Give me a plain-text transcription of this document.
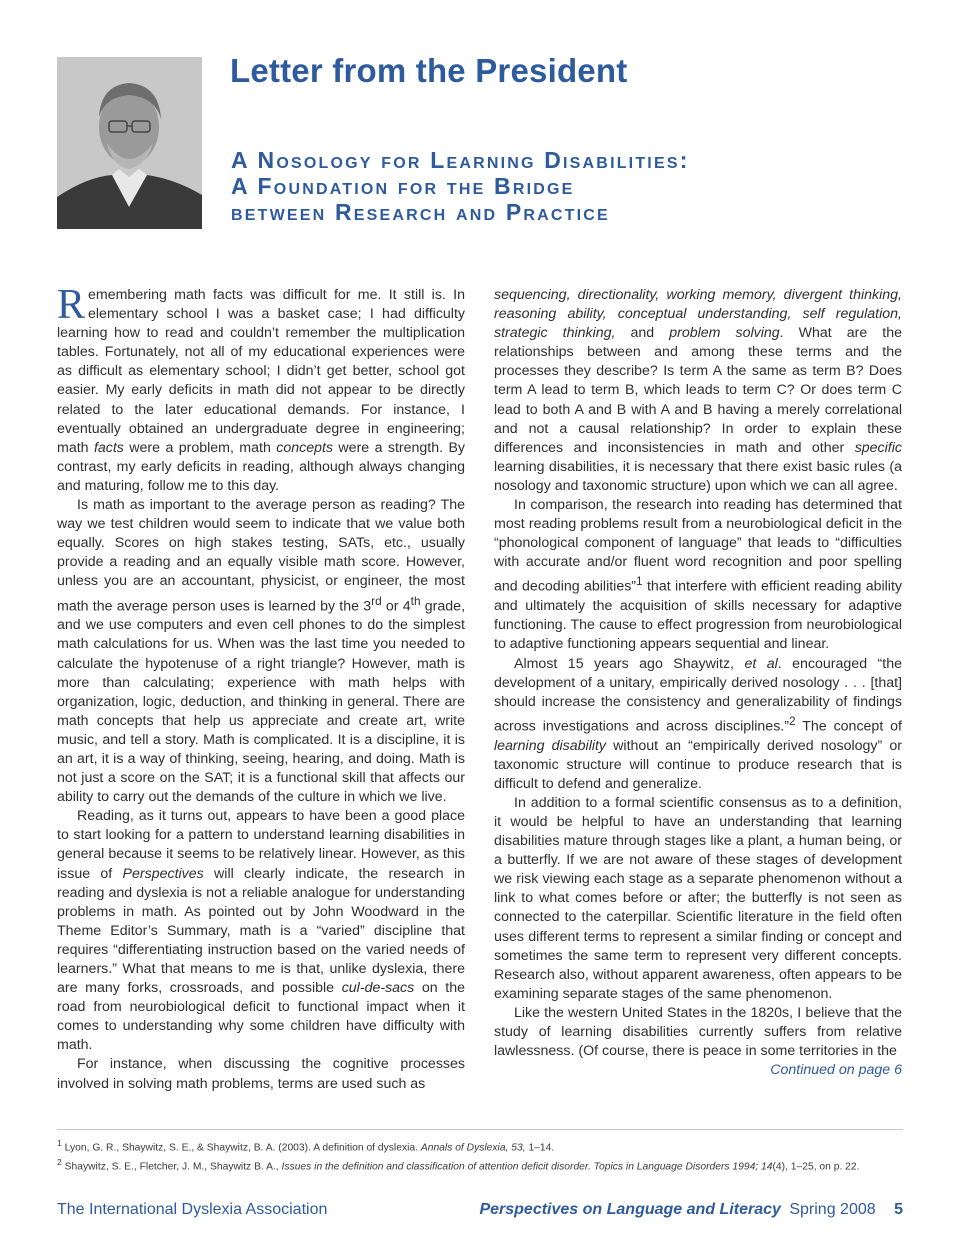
Letter from the President
A Nosology for Learning Disabilities:
A Foundation for the Bridge
between Research and Practice

Remembering math facts was difficult for me. It still is. In elementary school I was a basket case; I had difficulty learning how to read and couldn’t remember the multiplication tables. Fortunately, not all of my educational experiences were as difficult as elementary school; I didn’t get better, school got easier. My early deficits in math did not appear to be directly related to the later educational demands. For instance, I eventually obtained an undergraduate degree in engineering; math facts were a problem, math concepts were a strength. By contrast, my early deficits in reading, although always changing and maturing, follow me to this day.

Is math as important to the average person as reading? The way we test children would seem to indicate that we value both equally. Scores on high stakes testing, SATs, etc., usually provide a reading and an equally visible math score. However, unless you are an accountant, physicist, or engineer, the most math the average person uses is learned by the 3rd or 4th grade, and we use computers and even cell phones to do the simplest math calculations for us. When was the last time you needed to calculate the hypotenuse of a right triangle? However, math is more than calculating; experience with math helps with organization, logic, deduction, and thinking in general. There are math concepts that help us appreciate and create art, write music, and tell a story. Math is complicated. It is a discipline, it is an art, it is a way of thinking, seeing, hearing, and doing. Math is not just a score on the SAT; it is a functional skill that affects our ability to carry out the demands of the culture in which we live.

Reading, as it turns out, appears to have been a good place to start looking for a pattern to understand learning disabilities in general because it seems to be relatively linear. However, as this issue of Perspectives will clearly indicate, the research in reading and dyslexia is not a reliable analogue for understanding problems in math. As pointed out by John Woodward in the Theme Editor’s Summary, math is a “varied” discipline that requires “differentiating instruction based on the varied needs of learners.” What that means to me is that, unlike dyslexia, there are many forks, crossroads, and possible cul-de-sacs on the road from neurobiological deficit to functional impact when it comes to understanding why some children have difficulty with math.

For instance, when discussing the cognitive processes involved in solving math problems, terms are used such as

sequencing, directionality, working memory, divergent thinking, reasoning ability, conceptual understanding, self regulation, strategic thinking, and problem solving. What are the relationships between and among these terms and the processes they describe? Is term A the same as term B? Does term A lead to term B, which leads to term C? Or does term C lead to both A and B with A and B having a merely correlational and not a causal relationship? In order to explain these differences and inconsistencies in math and other specific learning disabilities, it is necessary that there exist basic rules (a nosology and taxonomic structure) upon which we can all agree.

In comparison, the research into reading has determined that most reading problems result from a neurobiological deficit in the “phonological component of language” that leads to “difficulties with accurate and/or fluent word recognition and poor spelling and decoding abilities”$^1$ that interfere with efficient reading ability and ultimately the acquisition of skills necessary for adaptive functioning. The cause to effect progression from neurobiological to adaptive functioning appears sequential and linear.

Almost 15 years ago Shaywitz, et al. encouraged “the development of a unitary, empirically derived nosology . . . [that] should increase the consistency and generalizability of findings across investigations and across disciplines.”$^2$ The concept of learning disability without an “empirically derived nosology” or taxonomic structure will continue to produce research that is difficult to defend and generalize.

In addition to a formal scientific consensus as to a definition, it would be helpful to have an understanding that learning disabilities mature through stages like a plant, a human being, or a butterfly. If we are not aware of these stages of development we risk viewing each stage as a separate phenomenon without a link to what comes before or after; the butterfly is not seen as connected to the caterpillar. Scientific literature in the field often uses different terms to represent a similar finding or concept and sometimes the same term to represent very different concepts. Research also, without apparent awareness, often appears to be examining separate stages of the same phenomenon.

Like the western United States in the 1820s, I believe that the study of learning disabilities currently suffers from relative lawlessness. (Of course, there is peace in some territories in the

Continued on page 6
$^1$ Lyon, G. R., Shaywitz, S. E., & Shaywitz, B. A. (2003). A definition of dyslexia. Annals of Dyslexia, 53, 1–14.
$^2$ Shaywitz, S. E., Fletcher, J. M., Shaywitz B. A., Issues in the definition and classification of attention deficit disorder. Topics in Language Disorders 1994; 14(4), 1–25, on p. 22.
The International Dyslexia Association	Perspectives on Language and Literacy Spring 2008 5
